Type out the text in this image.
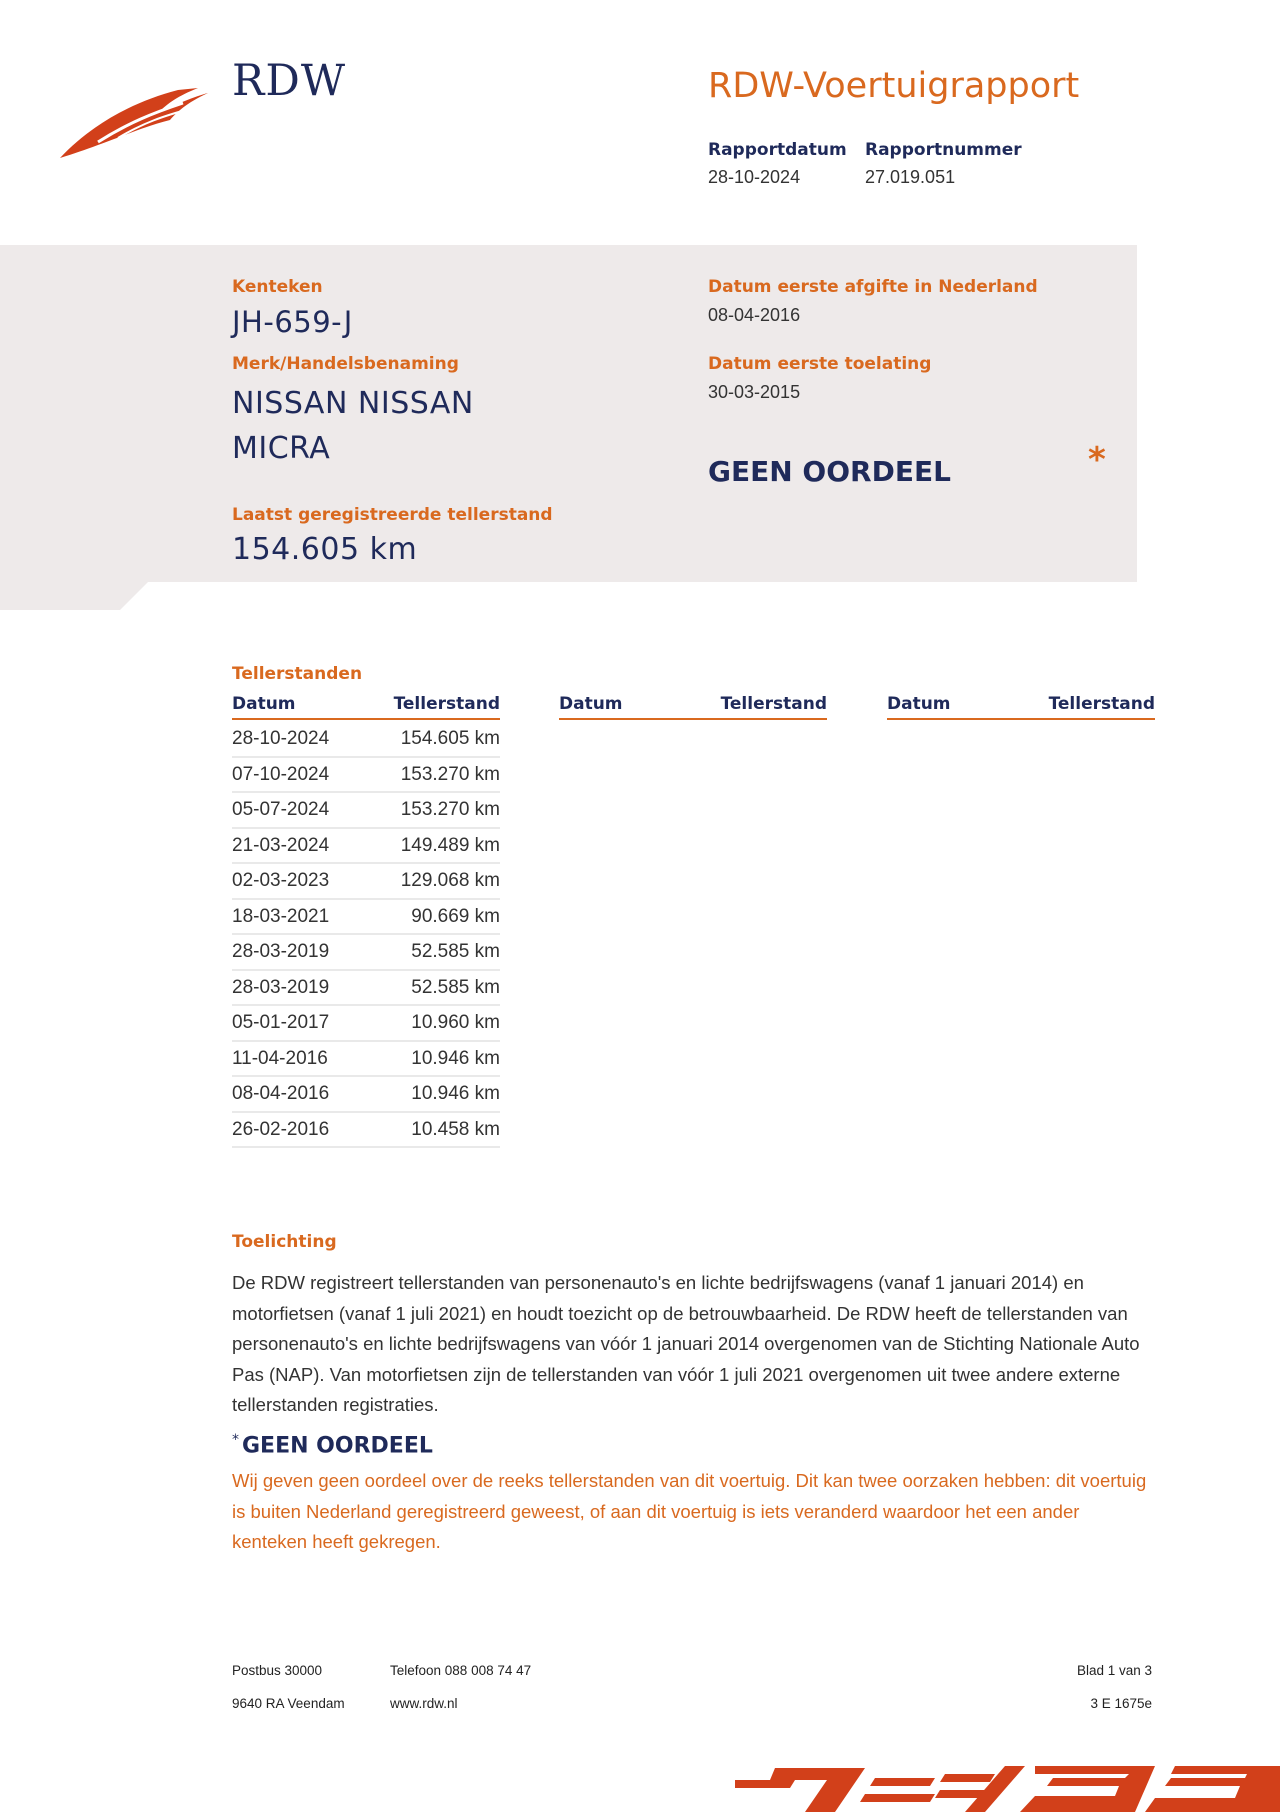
RDW	RDW-Voertuigrapport
Rapportdatum
28-10-2024
Rapportnummer
27.019.051
Kenteken
JH-659-J
Merk/Handelsbenaming
NISSAN NISSAN
MICRA
Laatst geregistreerde tellerstand
154.605 km
Datum eerste afgifte in Nederland
08-04-2016
Datum eerste toelating
30-03-2015
GEEN OORDEEL	*
Tellerstanden
Datum	Tellerstand	Datum	Tellerstand	Datum	Tellerstand
28-10-2024	154.605 km
07-10-2024	153.270 km
05-07-2024	153.270 km
21-03-2024	149.489 km
02-03-2023	129.068 km
18-03-2021	90.669 km
28-03-2019	52.585 km
28-03-2019	52.585 km
05-01-2017	10.960 km
11-04-2016	10.946 km
08-04-2016	10.946 km
26-02-2016	10.458 km
Toelichting
De RDW registreert tellerstanden van personenauto's en lichte bedrijfswagens (vanaf 1 januari 2014) en motorfietsen (vanaf 1 juli 2021) en houdt toezicht op de betrouwbaarheid. De RDW heeft de tellerstanden van personenauto's en lichte bedrijfswagens van vóór 1 januari 2014 overgenomen van de Stichting Nationale Auto Pas (NAP). Van motorfietsen zijn de tellerstanden van vóór 1 juli 2021 overgenomen uit twee andere externe tellerstanden registraties.
* GEEN OORDEEL
Wij geven geen oordeel over de reeks tellerstanden van dit voertuig. Dit kan twee oorzaken hebben: dit voertuig is buiten Nederland geregistreerd geweest, of aan dit voertuig is iets veranderd waardoor het een ander kenteken heeft gekregen.
Postbus 30000
9640 RA Veendam
Telefoon 088 008 74 47
www.rdw.nl
Blad 1 van 3
3 E 1675e
